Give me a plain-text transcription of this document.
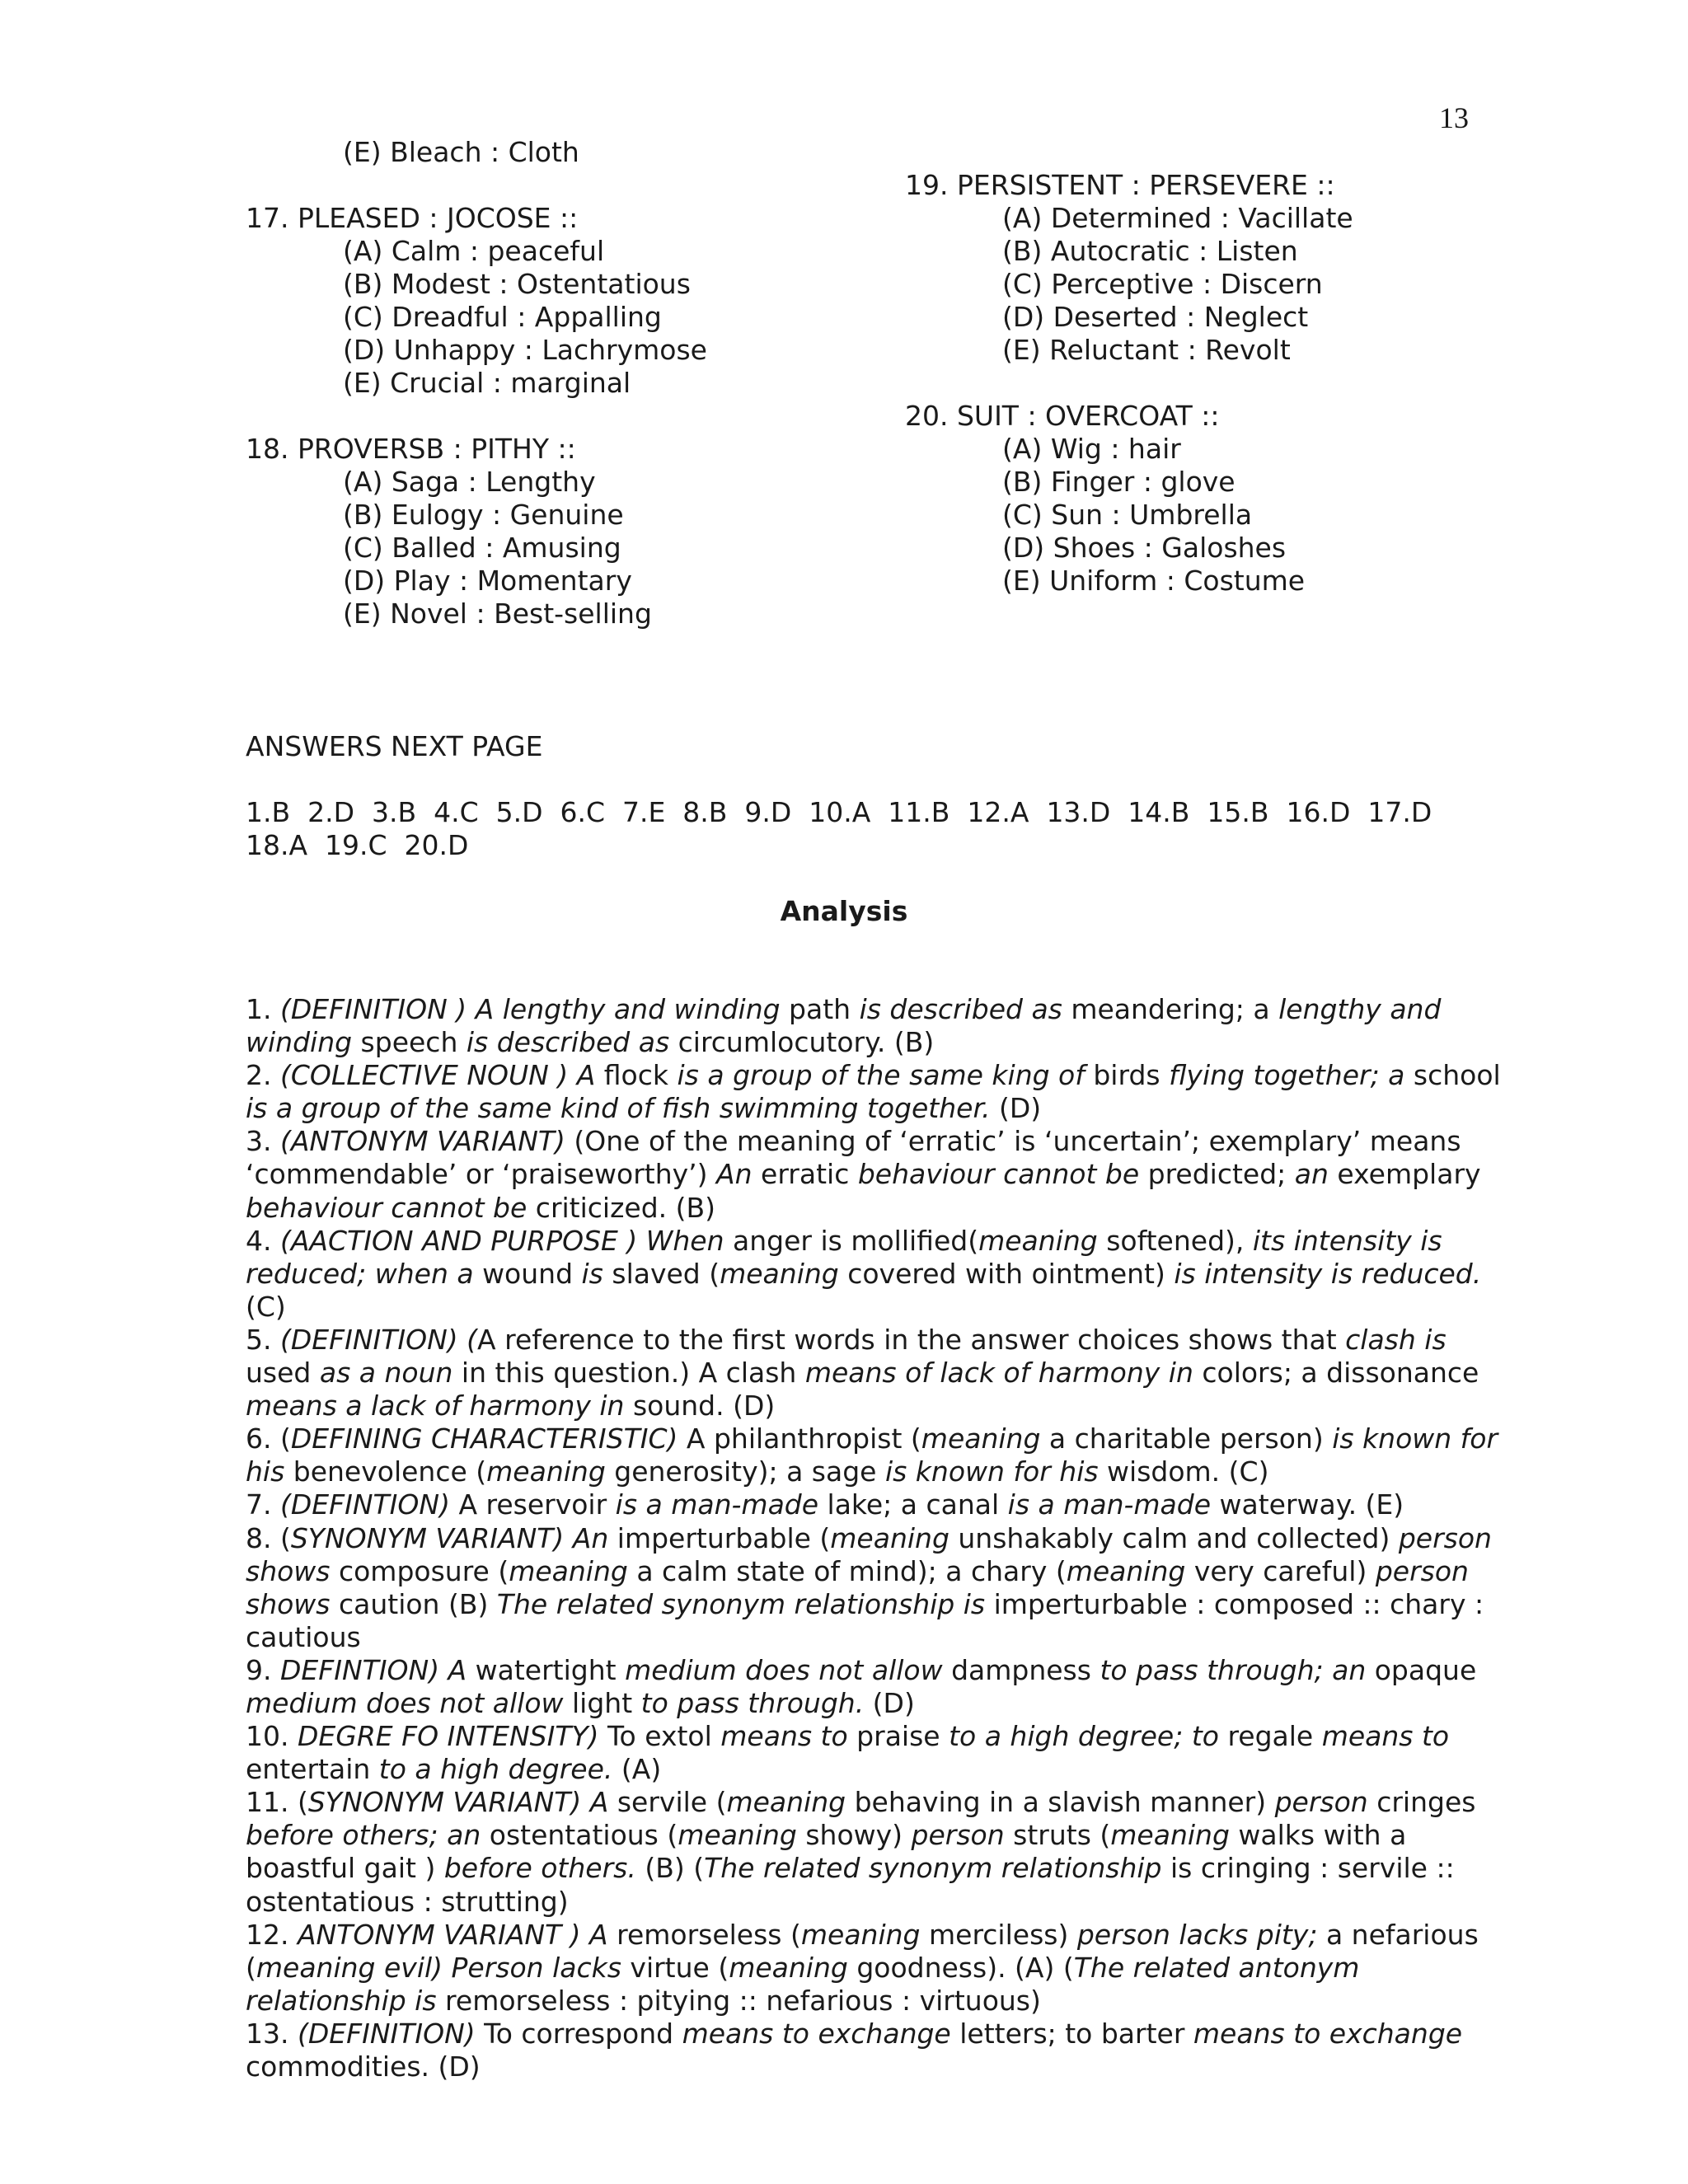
13
(E) Bleach : Cloth
17. PLEASED : JOCOSE ::
(A) Calm : peaceful
(B) Modest : Ostentatious
(C) Dreadful : Appalling
(D) Unhappy : Lachrymose
(E) Crucial : marginal
18. PROVERSB : PITHY ::
(A) Saga : Lengthy
(B) Eulogy : Genuine
(C) Balled : Amusing
(D) Play : Momentary
(E) Novel : Best-selling
19. PERSISTENT : PERSEVERE ::
(A) Determined : Vacillate
(B) Autocratic : Listen
(C) Perceptive : Discern
(D) Deserted : Neglect
(E) Reluctant : Revolt
20. SUIT : OVERCOAT ::
(A) Wig : hair
(B) Finger : glove
(C) Sun : Umbrella
(D) Shoes : Galoshes
(E) Uniform : Costume
ANSWERS NEXT PAGE
1.B  2.D  3.B  4.C  5.D  6.C  7.E  8.B  9.D  10.A  11.B  12.A  13.D  14.B  15.B  16.D  17.D
18.A  19.C  20.D
Analysis

1. (DEFINITION ) A lengthy and winding path is described as meandering; a lengthy and winding speech is described as circumlocutory. (B)

2. (COLLECTIVE NOUN ) A flock is a group of the same king of birds flying together; a school is a group of the same kind of fish swimming together. (D)

3. (ANTONYM VARIANT) (One of the meaning of ‘erratic’ is ‘uncertain’; exemplary’ means ‘commendable’ or ‘praiseworthy’) An erratic behaviour cannot be predicted; an exemplary behaviour cannot be criticized. (B)

4. (AACTION AND PURPOSE ) When anger is mollified(meaning softened), its intensity is reduced; when a wound is slaved (meaning covered with ointment) is intensity is reduced. (C)

5. (DEFINITION) (A reference to the first words in the answer choices shows that clash is used as a noun in this question.) A clash means of lack of harmony in colors; a dissonance means a lack of harmony in sound. (D)

6. (DEFINING CHARACTERISTIC) A philanthropist (meaning a charitable person) is known for his benevolence (meaning generosity); a sage is known for his wisdom. (C)

7. (DEFINTION) A reservoir is a man-made lake; a canal is a man-made waterway. (E)

8. (SYNONYM VARIANT) An imperturbable (meaning unshakably calm and collected) person shows composure (meaning a calm state of mind); a chary (meaning very careful) person shows caution (B) The related synonym relationship is imperturbable : composed :: chary : cautious

9. DEFINTION) A watertight medium does not allow dampness to pass through; an opaque medium does not allow light to pass through. (D)

10. DEGRE FO INTENSITY) To extol means to praise to a high degree; to regale means to entertain to a high degree. (A)

11. (SYNONYM VARIANT) A servile (meaning behaving in a slavish manner) person cringes before others; an ostentatious (meaning showy) person struts (meaning walks with a boastful gait ) before others. (B) (The related synonym relationship is cringing : servile :: ostentatious : strutting)

12. ANTONYM VARIANT ) A remorseless (meaning merciless) person lacks pity; a nefarious (meaning evil) Person lacks virtue (meaning goodness). (A) (The related antonym relationship is remorseless : pitying :: nefarious : virtuous)

13. (DEFINITION) To correspond means to exchange letters; to barter means to exchange commodities. (D)
